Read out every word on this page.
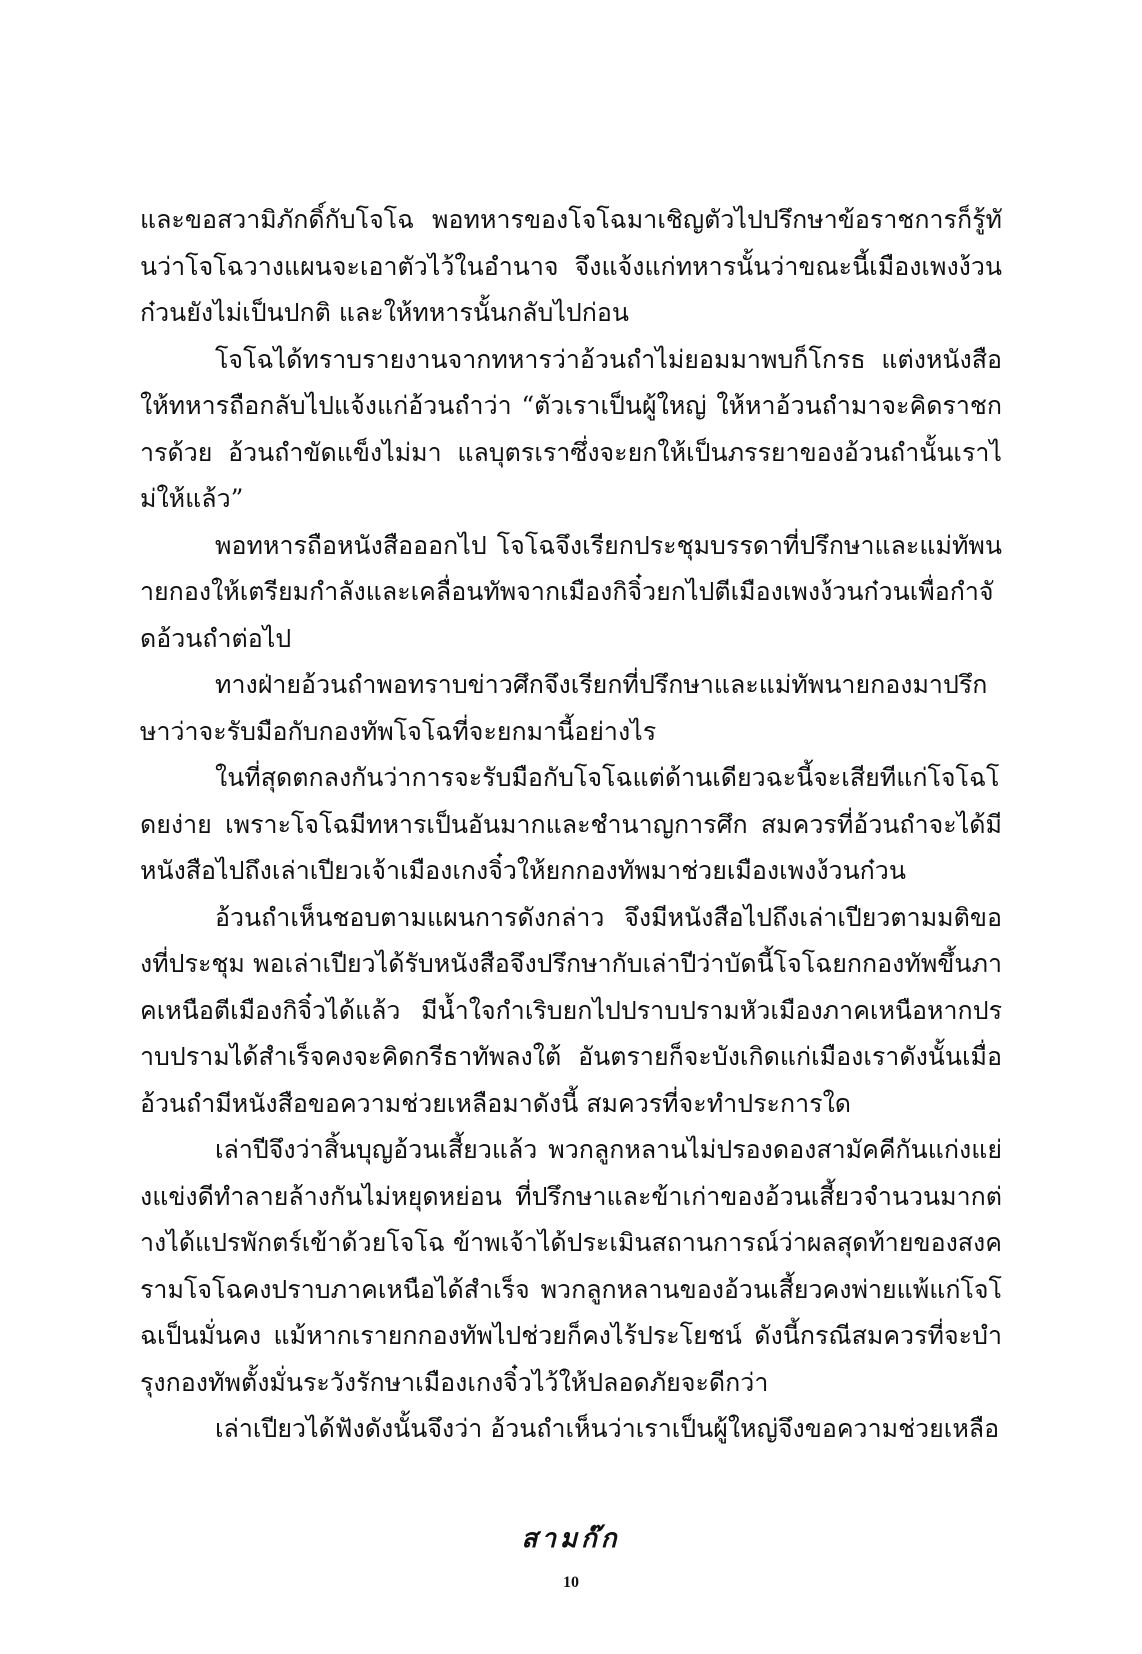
และขอสวามิภักดิ์กับโจโฉ พอทหารของโจโฉมาเชิญตัวไปปรึกษาข้อราชการก็รู้ทันว่าโจโฉวางแผนจะเอาตัวไว้ในอำนาจ จึงแจ้งแก่ทหารนั้นว่าขณะนี้เมืองเพงง้วนก๋วนยังไม่เป็นปกติ และให้ทหารนั้นกลับไปก่อน

โจโฉได้ทราบรายงานจากทหารว่าอ้วนถำไม่ยอมมาพบก็โกรธ แต่งหนังสือให้ทหารถือกลับไปแจ้งแก่อ้วนถำว่า “ตัวเราเป็นผู้ใหญ่ ให้หาอ้วนถำมาจะคิดราชการด้วย อ้วนถำขัดแข็งไม่มา แลบุตรเราซึ่งจะยกให้เป็นภรรยาของอ้วนถำนั้นเราไม่ให้แล้ว”

พอทหารถือหนังสือออกไป โจโฉจึงเรียกประชุมบรรดาที่ปรึกษาและแม่ทัพนายกองให้เตรียมกำลังและเคลื่อนทัพจากเมืองกิจิ๋วยกไปตีเมืองเพงง้วนก๋วนเพื่อกำจัดอ้วนถำต่อไป

ทางฝ่ายอ้วนถำพอทราบข่าวศึกจึงเรียกที่ปรึกษาและแม่ทัพนายกองมาปรึกษาว่าจะรับมือกับกองทัพโจโฉที่จะยกมานี้อย่างไร

ในที่สุดตกลงกันว่าการจะรับมือกับโจโฉแต่ด้านเดียวฉะนี้จะเสียทีแก่โจโฉโดยง่าย เพราะโจโฉมีทหารเป็นอันมากและชำนาญการศึก สมควรที่อ้วนถำจะได้มีหนังสือไปถึงเล่าเปียวเจ้าเมืองเกงจิ๋วให้ยกกองทัพมาช่วยเมืองเพงง้วนก๋วน

อ้วนถำเห็นชอบตามแผนการดังกล่าว จึงมีหนังสือไปถึงเล่าเปียวตามมติของที่ประชุม พอเล่าเปียวได้รับหนังสือจึงปรึกษากับเล่าปีว่าบัดนี้โจโฉยกกองทัพขึ้นภาคเหนือตีเมืองกิจิ๋วได้แล้ว มีน้ำใจกำเริบยกไปปราบปรามหัวเมืองภาคเหนือหากปราบปรามได้สำเร็จคงจะคิดกรีธาทัพลงใต้ อันตรายก็จะบังเกิดแก่เมืองเราดังนั้นเมื่ออ้วนถำมีหนังสือขอความช่วยเหลือมาดังนี้ สมควรที่จะทำประการใด

เล่าปีจึงว่าสิ้นบุญอ้วนเสี้ยวแล้ว พวกลูกหลานไม่ปรองดองสามัคคีกันแก่งแย่งแข่งดีทำลายล้างกันไม่หยุดหย่อน ที่ปรึกษาและข้าเก่าของอ้วนเสี้ยวจำนวนมากต่างได้แปรพักตร์เข้าด้วยโจโฉ ข้าพเจ้าได้ประเมินสถานการณ์ว่าผลสุดท้ายของสงครามโจโฉคงปราบภาคเหนือได้สำเร็จ พวกลูกหลานของอ้วนเสี้ยวคงพ่ายแพ้แก่โจโฉเป็นมั่นคง แม้หากเรายกกองทัพไปช่วยก็คงไร้ประโยชน์ ดังนี้กรณีสมควรที่จะบำรุงกองทัพตั้งมั่นระวังรักษาเมืองเกงจิ๋วไว้ให้ปลอดภัยจะดีกว่า

เล่าเปียวได้ฟังดังนั้นจึงว่า อ้วนถำเห็นว่าเราเป็นผู้ใหญ่จึงขอความช่วยเหลือ

สามก๊ก
10
